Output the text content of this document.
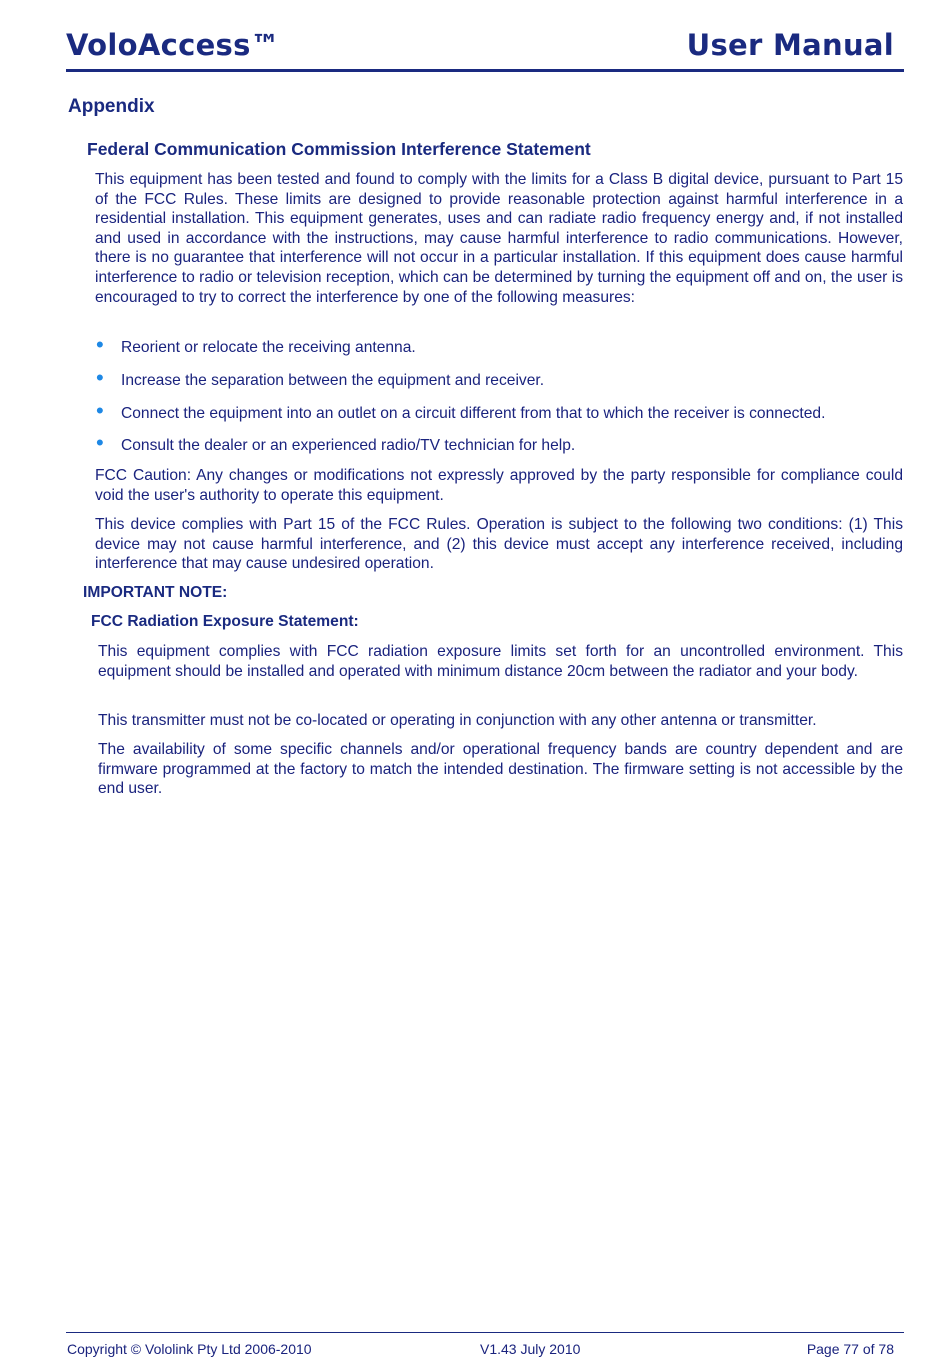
VoloAccess™	User Manual
Appendix
Federal Communication Commission Interference Statement
This equipment has been tested and found to comply with the limits for a Class B digital device, pursuant to Part 15 of the FCC Rules. These limits are designed to provide reasonable protection against harmful interference in a residential installation. This equipment generates, uses and can radiate radio frequency energy and, if not installed and used in accordance with the instructions, may cause harmful interference to radio communications. However, there is no guarantee that interference will not occur in a particular installation. If this equipment does cause harmful interference to radio or television reception, which can be determined by turning the equipment off and on, the user is encouraged to try to correct the interference by one of the following measures:
• Reorient or relocate the receiving antenna.
• Increase the separation between the equipment and receiver.
• Connect the equipment into an outlet on a circuit different from that to which the receiver is connected.
• Consult the dealer or an experienced radio/TV technician for help.
FCC Caution: Any changes or modifications not expressly approved by the party responsible for compliance could void the user's authority to operate this equipment.
This device complies with Part 15 of the FCC Rules. Operation is subject to the following two conditions: (1) This device may not cause harmful interference, and (2) this device must accept any interference received, including interference that may cause undesired operation.
IMPORTANT NOTE:
FCC Radiation Exposure Statement:
This equipment complies with FCC radiation exposure limits set forth for an uncontrolled environment. This equipment should be installed and operated with minimum distance 20cm between the radiator and your body.
This transmitter must not be co-located or operating in conjunction with any other antenna or transmitter.
The availability of some specific channels and/or operational frequency bands are country dependent and are firmware programmed at the factory to match the intended destination. The firmware setting is not accessible by the end user.
Copyright © Vololink Pty Ltd 2006-2010	V1.43 July 2010	Page 77 of 78
